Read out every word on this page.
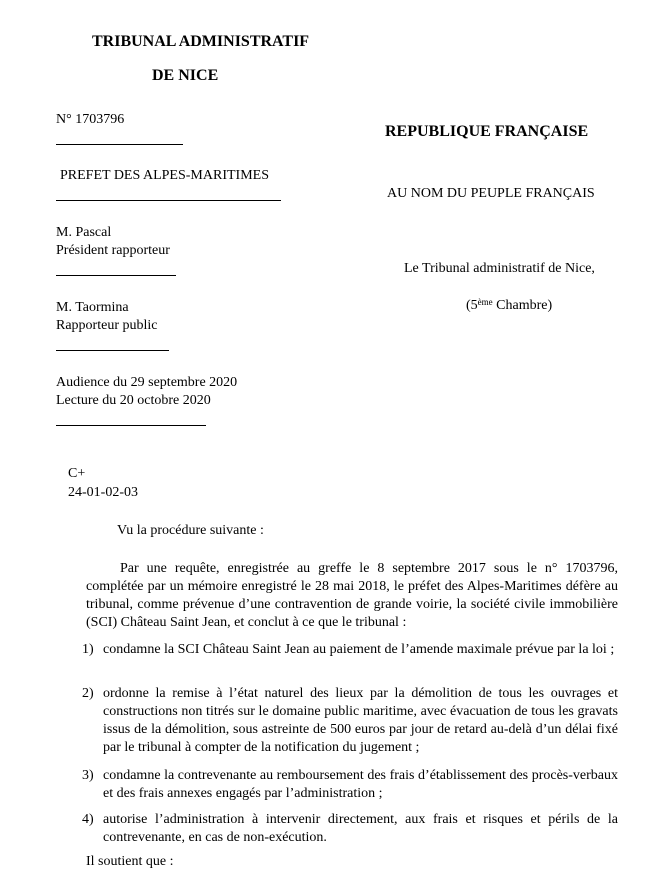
TRIBUNAL ADMINISTRATIF
DE NICE
N° 1703796
PREFET DES ALPES-MARITIMES
M. Pascal
Président rapporteur
M. Taormina
Rapporteur public
Audience du 29 septembre 2020
Lecture du 20 octobre 2020
C+
24-01-02-03
REPUBLIQUE FRANÇAISE
AU NOM DU PEUPLE FRANÇAIS
Le Tribunal administratif de Nice,
(5ème Chambre)
Vu la procédure suivante :
Par une requête, enregistrée au greffe le 8 septembre 2017 sous le n° 1703796, complétée par un mémoire enregistré le 28 mai 2018, le préfet des Alpes-Maritimes défère au tribunal, comme prévenue d’une contravention de grande voirie, la société civile immobilière (SCI) Château Saint Jean, et conclut à ce que le tribunal :
1) condamne la SCI Château Saint Jean au paiement de l’amende maximale prévue par la loi ;
2) ordonne la remise à l’état naturel des lieux par la démolition de tous les ouvrages et constructions non titrés sur le domaine public maritime, avec évacuation de tous les gravats issus de la démolition, sous astreinte de 500 euros par jour de retard au-delà d’un délai fixé par le tribunal à compter de la notification du jugement ;
3) condamne la contrevenante au remboursement des frais d’établissement des procès-verbaux et des frais annexes engagés par l’administration ;
4) autorise l’administration à intervenir directement, aux frais et risques et périls de la contrevenante, en cas de non-exécution.
Il soutient que :
